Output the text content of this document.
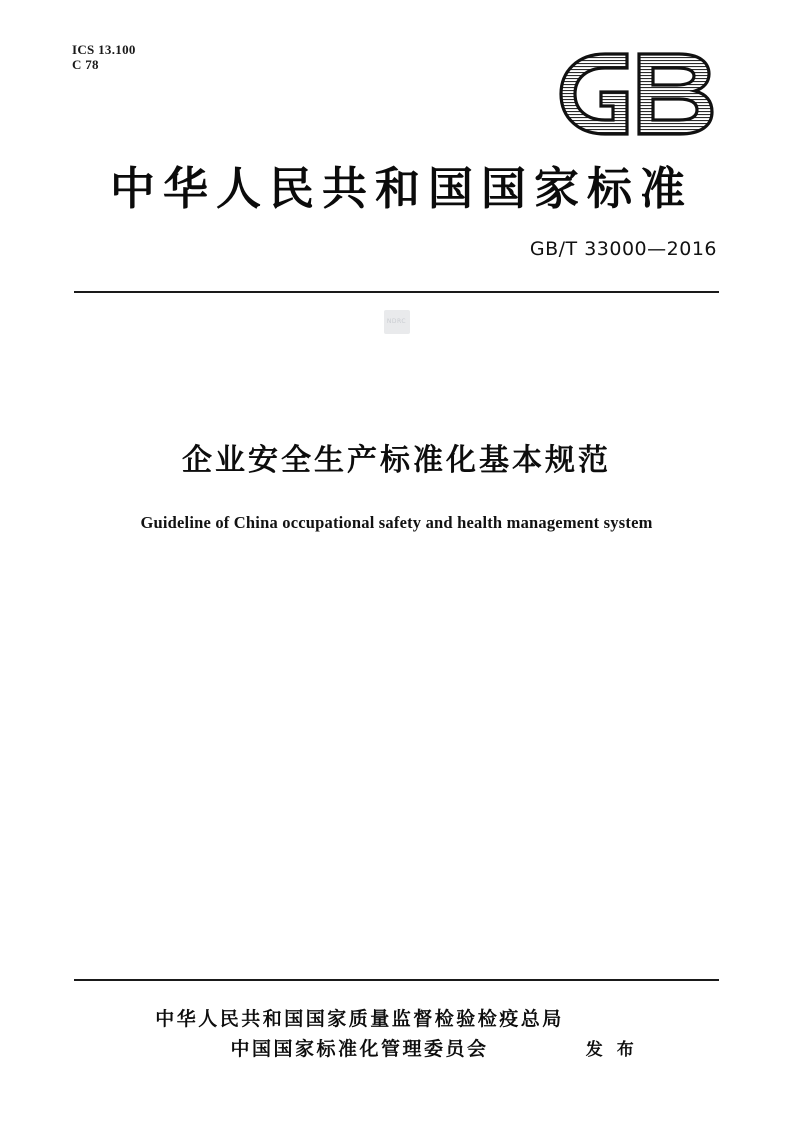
ICS 13.100
C 78
中华人民共和国国家标准
GB/T 33000—2016
NDRC
企业安全生产标准化基本规范
Guideline of China occupational safety and health management system
中华人民共和国国家质量监督检验检疫总局
中国国家标准化管理委员会	发 布
